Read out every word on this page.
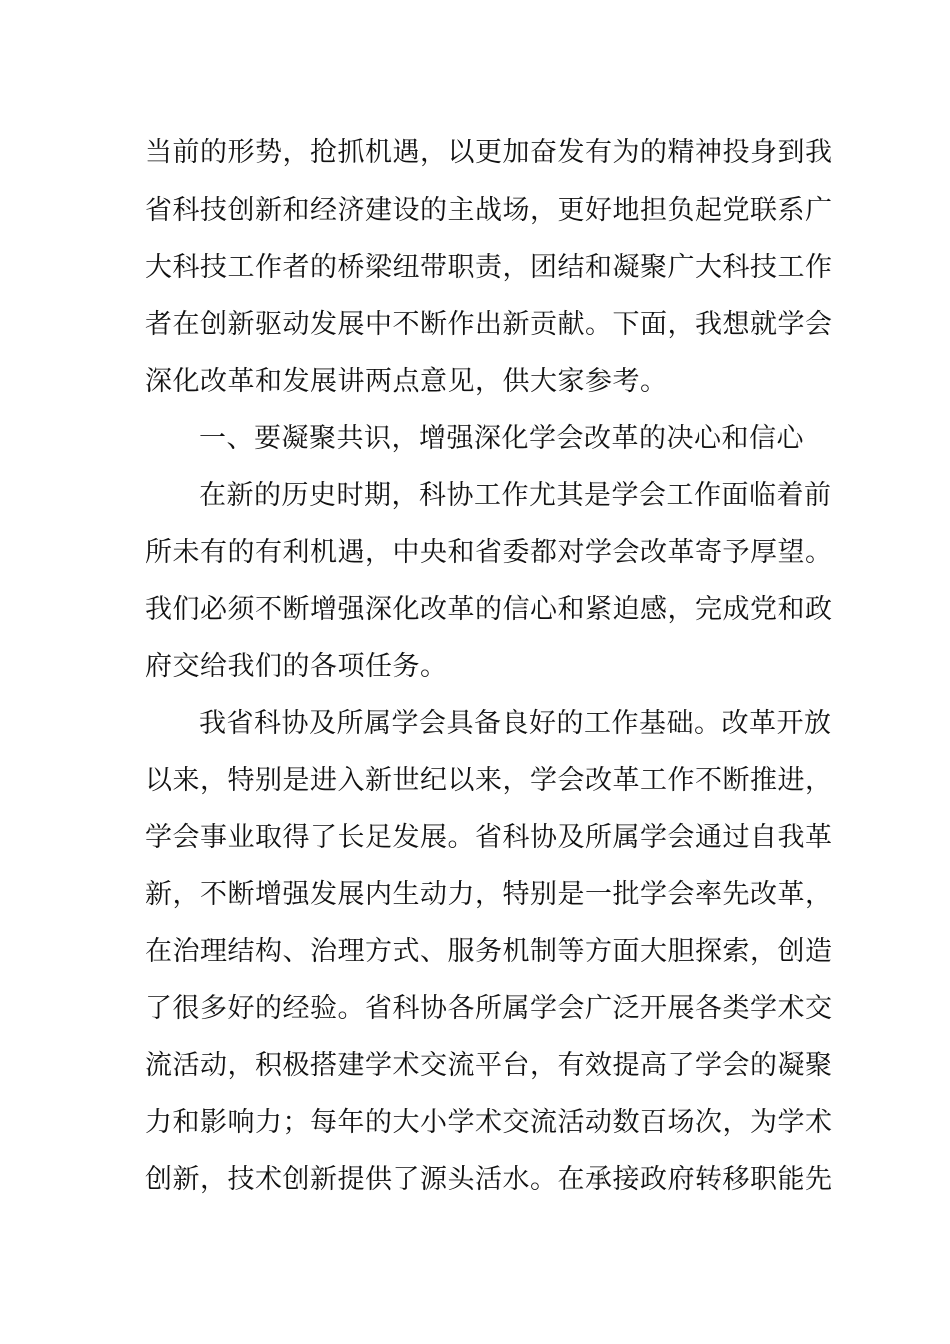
当前的形势，抢抓机遇，以更加奋发有为的精神投身到我

省科技创新和经济建设的主战场，更好地担负起党联系广

大科技工作者的桥梁纽带职责，团结和凝聚广大科技工作

者在创新驱动发展中不断作出新贡献。下面，我想就学会

深化改革和发展讲两点意见，供大家参考。

一、要凝聚共识，增强深化学会改革的决心和信心

在新的历史时期，科协工作尤其是学会工作面临着前

所未有的有利机遇，中央和省委都对学会改革寄予厚望。

我们必须不断增强深化改革的信心和紧迫感，完成党和政

府交给我们的各项任务。

我省科协及所属学会具备良好的工作基础。改革开放

以来，特别是进入新世纪以来，学会改革工作不断推进，

学会事业取得了长足发展。省科协及所属学会通过自我革

新，不断增强发展内生动力，特别是一批学会率先改革，

在治理结构、治理方式、服务机制等方面大胆探索，创造

了很多好的经验。省科协各所属学会广泛开展各类学术交

流活动，积极搭建学术交流平台，有效提高了学会的凝聚

力和影响力；每年的大小学术交流活动数百场次，为学术

创新，技术创新提供了源头活水。在承接政府转移职能先
